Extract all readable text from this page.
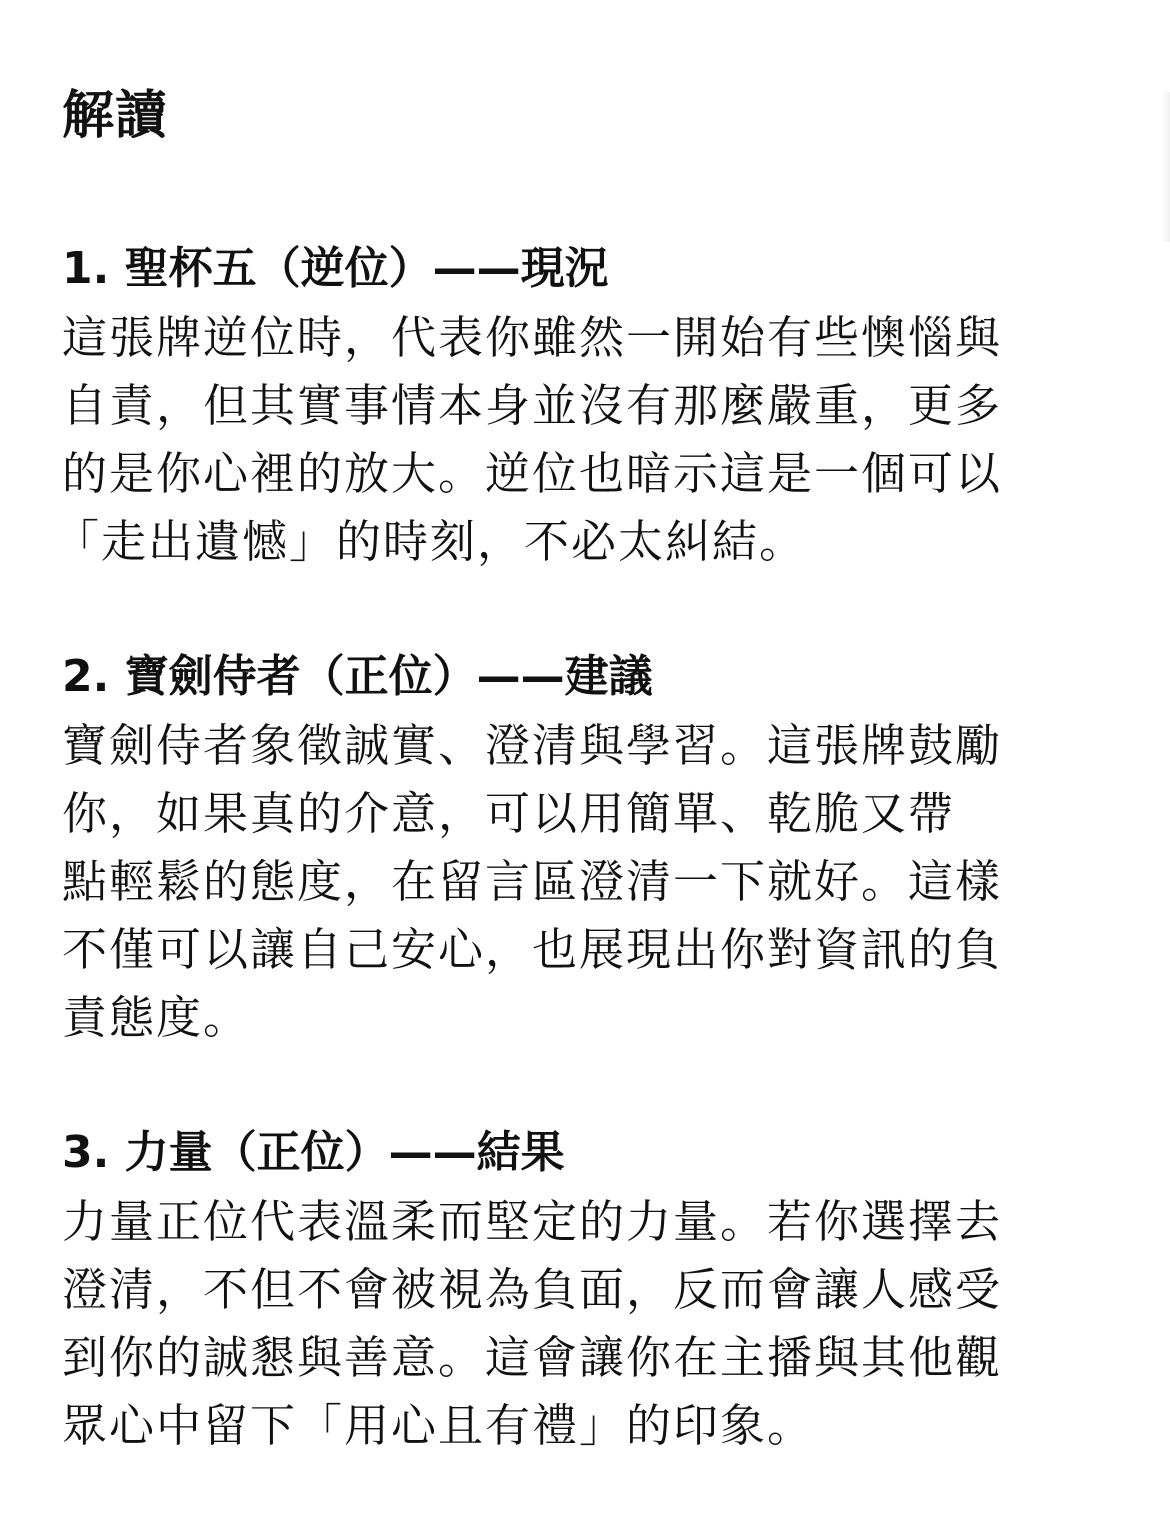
解讀
1. 聖杯五（逆位）——現況
這張牌逆位時，代表你雖然一開始有些懊惱與
自責，但其實事情本身並沒有那麼嚴重，更多
的是你心裡的放大。逆位也暗示這是一個可以
「走出遺憾」的時刻，不必太糾結。
2. 寶劍侍者（正位）——建議
寶劍侍者象徵誠實、澄清與學習。這張牌鼓勵
你，如果真的介意，可以用簡單、乾脆又帶
點輕鬆的態度，在留言區澄清一下就好。這樣
不僅可以讓自己安心，也展現出你對資訊的負
責態度。
3. 力量（正位）——結果
力量正位代表溫柔而堅定的力量。若你選擇去
澄清，不但不會被視為負面，反而會讓人感受
到你的誠懇與善意。這會讓你在主播與其他觀
眾心中留下「用心且有禮」的印象。
